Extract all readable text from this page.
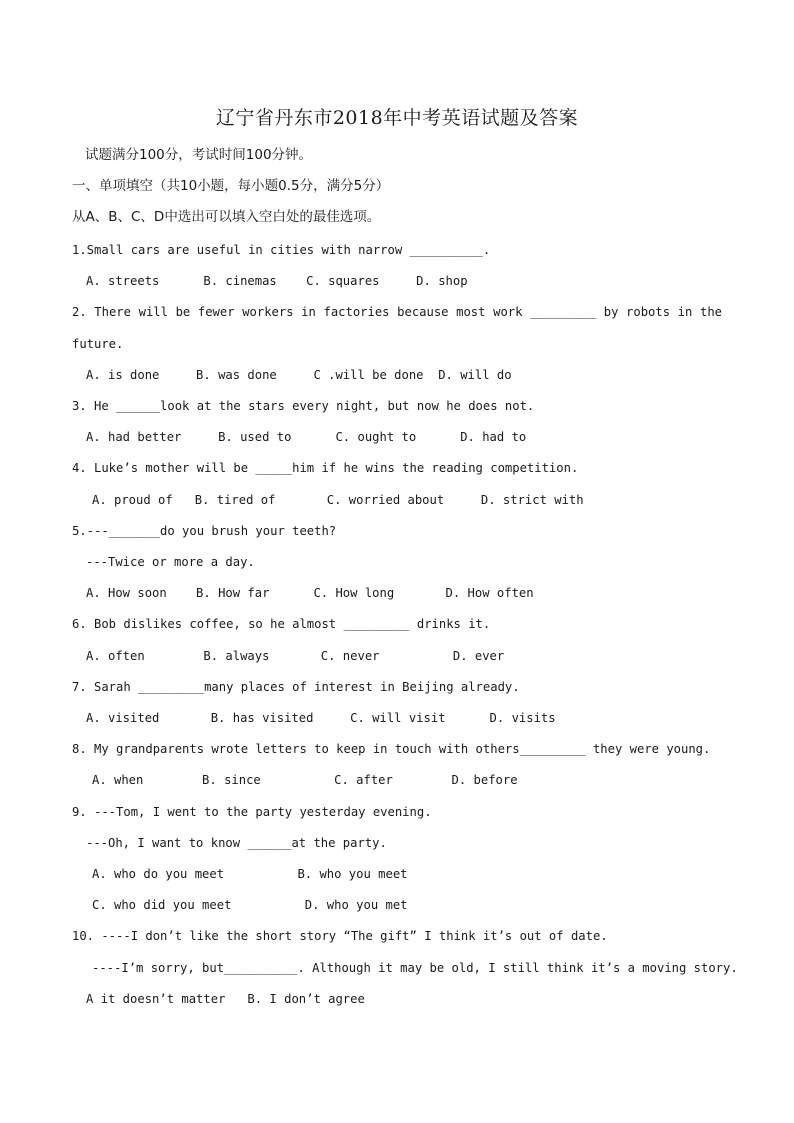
辽宁省丹东市2018年中考英语试题及答案
试题满分100分，考试时间100分钟。
一、单项填空（共10小题，每小题0.5分，满分5分）
从A、B、C、D中选出可以填入空白处的最佳选项。
1.Small cars are useful in cities with narrow __________.
A. streets      B. cinemas    C. squares     D. shop
2. There will be fewer workers in factories because most work _________ by robots in the
future.
A. is done     B. was done     C .will be done  D. will do
3. He ______look at the stars every night, but now he does not.
A. had better     B. used to      C. ought to      D. had to
4. Luke’s mother will be _____him if he wins the reading competition.
A. proud of   B. tired of       C. worried about     D. strict with
5.---_______do you brush your teeth?
---Twice or more a day.
A. How soon    B. How far      C. How long       D. How often
6. Bob dislikes coffee, so he almost _________ drinks it.
A. often        B. always       C. never          D. ever
7. Sarah _________many places of interest in Beijing already.
A. visited       B. has visited     C. will visit      D. visits
8. My grandparents wrote letters to keep in touch with others_________ they were young.
A. when        B. since          C. after        D. before
9. ---Tom, I went to the party yesterday evening.
---Oh, I want to know ______at the party.
A. who do you meet          B. who you meet
C. who did you meet          D. who you met
10. ----I don’t like the short story “The gift” I think it’s out of date.
----I’m sorry, but__________. Although it may be old, I still think it’s a moving story.
A it doesn’t matter   B. I don’t agree
